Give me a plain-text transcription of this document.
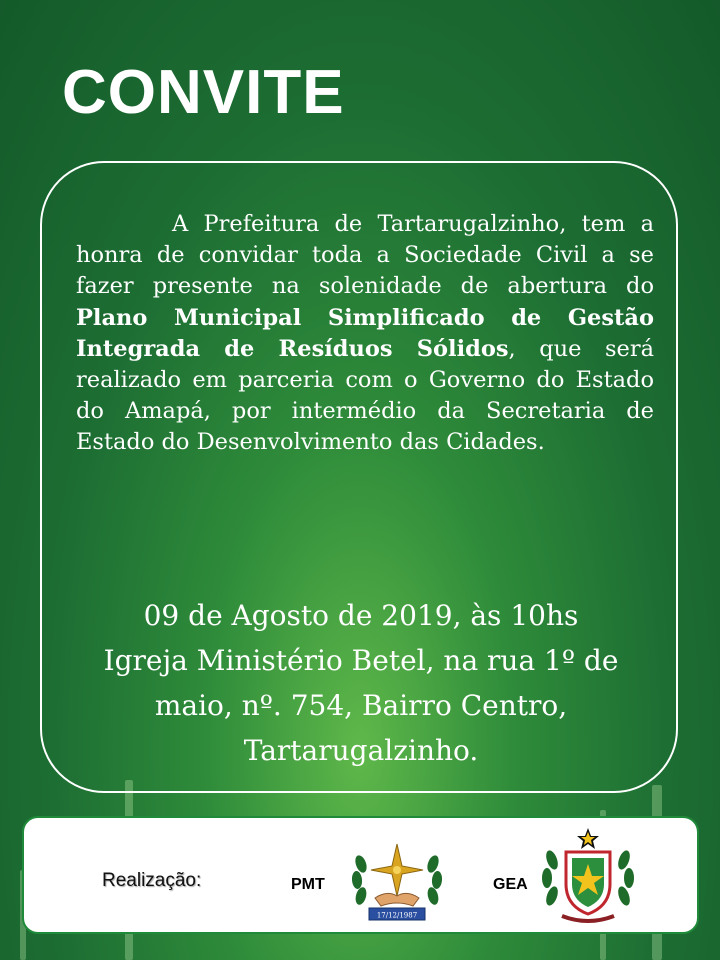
CONVITE

A Prefeitura de Tartarugalzinho, tem a honra de convidar toda a Sociedade Civil a se fazer presente na solenidade de abertura do Plano Municipal Simplificado de Gestão Integrada de Resíduos Sólidos, que será realizado em parceria com o Governo do Estado do Amapá, por intermédio da Secretaria de Estado do Desenvolvimento das Cidades.

09 de Agosto de 2019, às 10hs
Igreja Ministério Betel, na rua 1º de
maio, nº. 754, Bairro Centro,
Tartarugalzinho.
Realização:	PMT
17/12/1987
GEA
